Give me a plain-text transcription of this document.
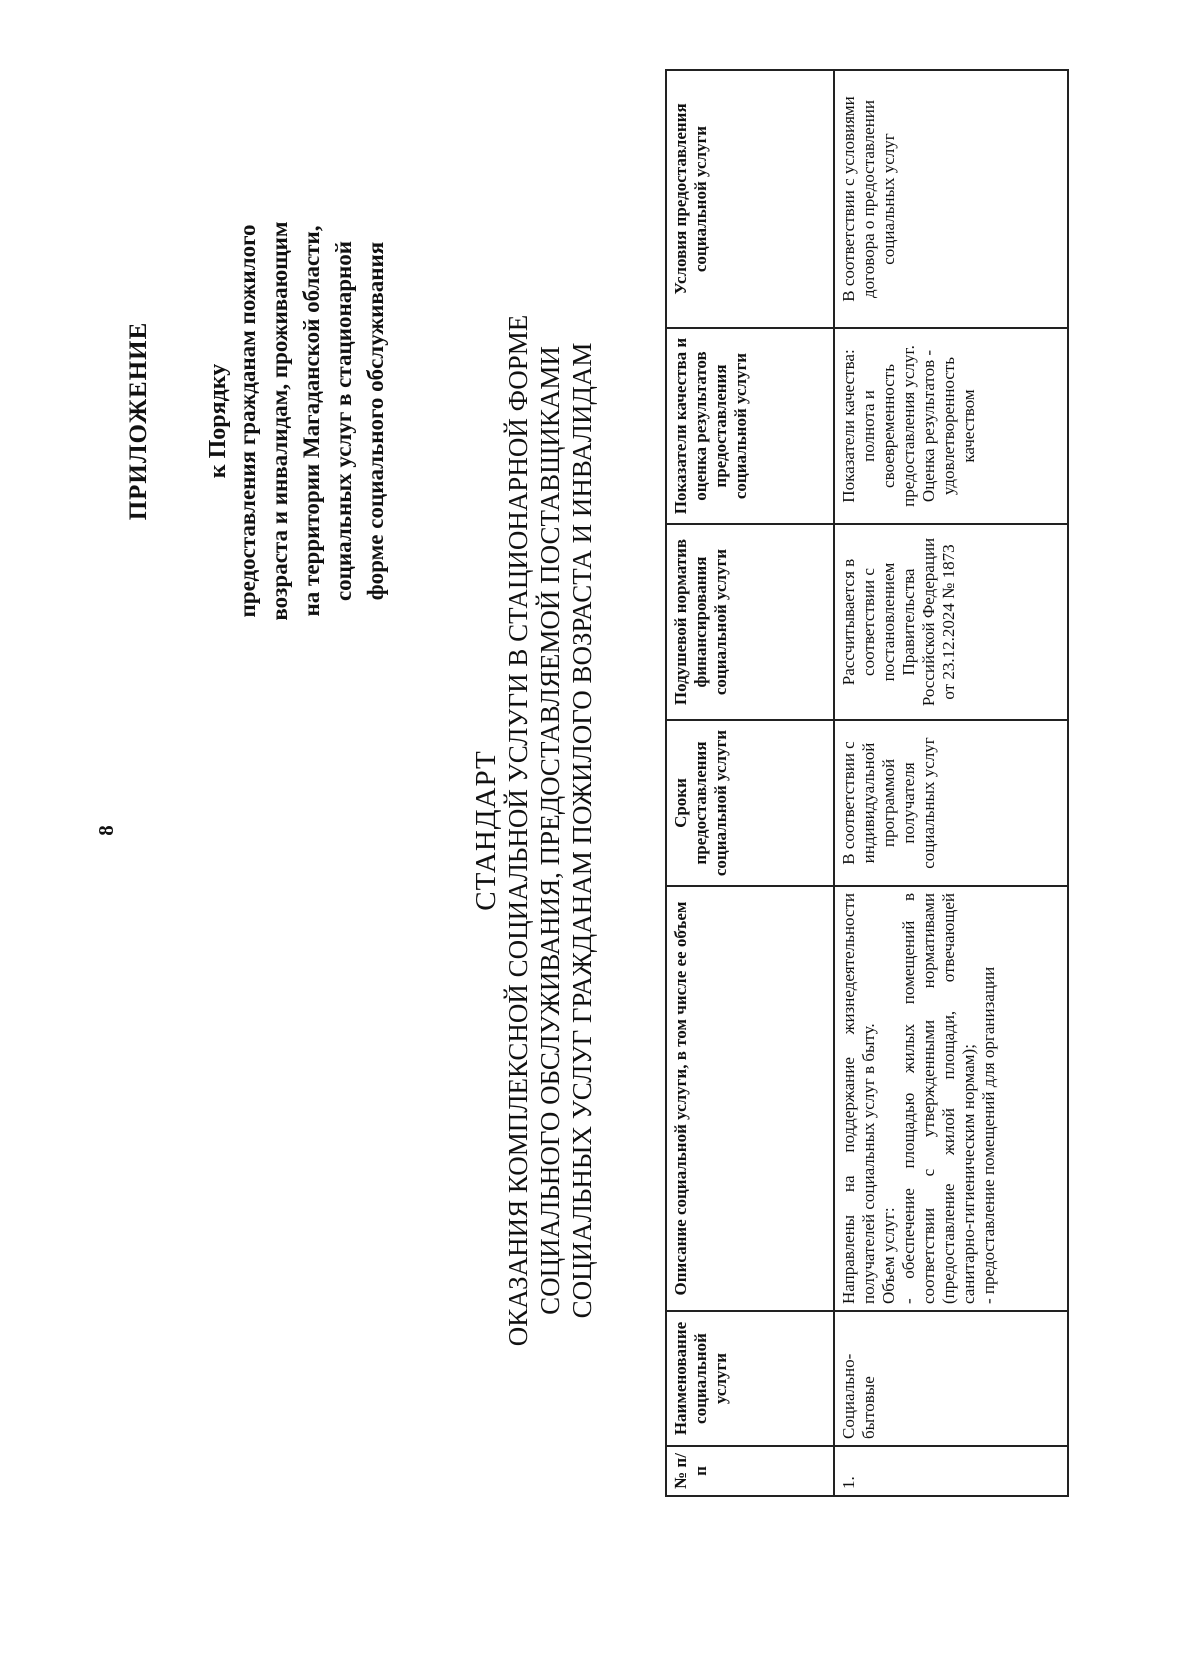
8
ПРИЛОЖЕНИЕ к Порядку предоставления гражданам пожилого возраста и инвалидам, проживающим на территории Магаданской области, социальных услуг в стационарной форме социального обслуживания
СТАНДАРТ ОКАЗАНИЯ КОМПЛЕКСНОЙ СОЦИАЛЬНОЙ УСЛУГИ В СТАЦИОНАРНОЙ ФОРМЕ СОЦИАЛЬНОГО ОБСЛУЖИВАНИЯ, ПРЕДОСТАВЛЯЕМОЙ ПОСТАВЩИКАМИ СОЦИАЛЬНЫХ УСЛУГ ГРАЖДАНАМ ПОЖИЛОГО ВОЗРАСТА И ИНВАЛИДАМ
№ п/п	Наименование социальной услуги	Описание социальной услуги, в том числе ее объем	Сроки предоставления социальной услуги	Подушевой норматив финансирования социальной услуги	Показатели качества и оценка результатов предоставления социальной услуги	Условия предоставления социальной услуги
1.	Социально-бытовые	Направлены на поддержание жизнедеятельности получателей социальных услуг в быту. Объем услуг: - обеспечение площадью жилых помещений в соответствии с утвержденными нормативами (предоставление жилой площади, отвечающей санитарно-гигиеническим нормам); - предоставление помещений для организации	В соответствии с индивидуальной программой получателя социальных услуг	Рассчитывается в соответствии с постановлением Правительства Российской Федерации от 23.12.2024 № 1873	Показатели качества: полнота и своевременность предоставления услуг. Оценка результатов - удовлетворенность качеством	В соответствии с условиями договора о предоставлении социальных услуг
